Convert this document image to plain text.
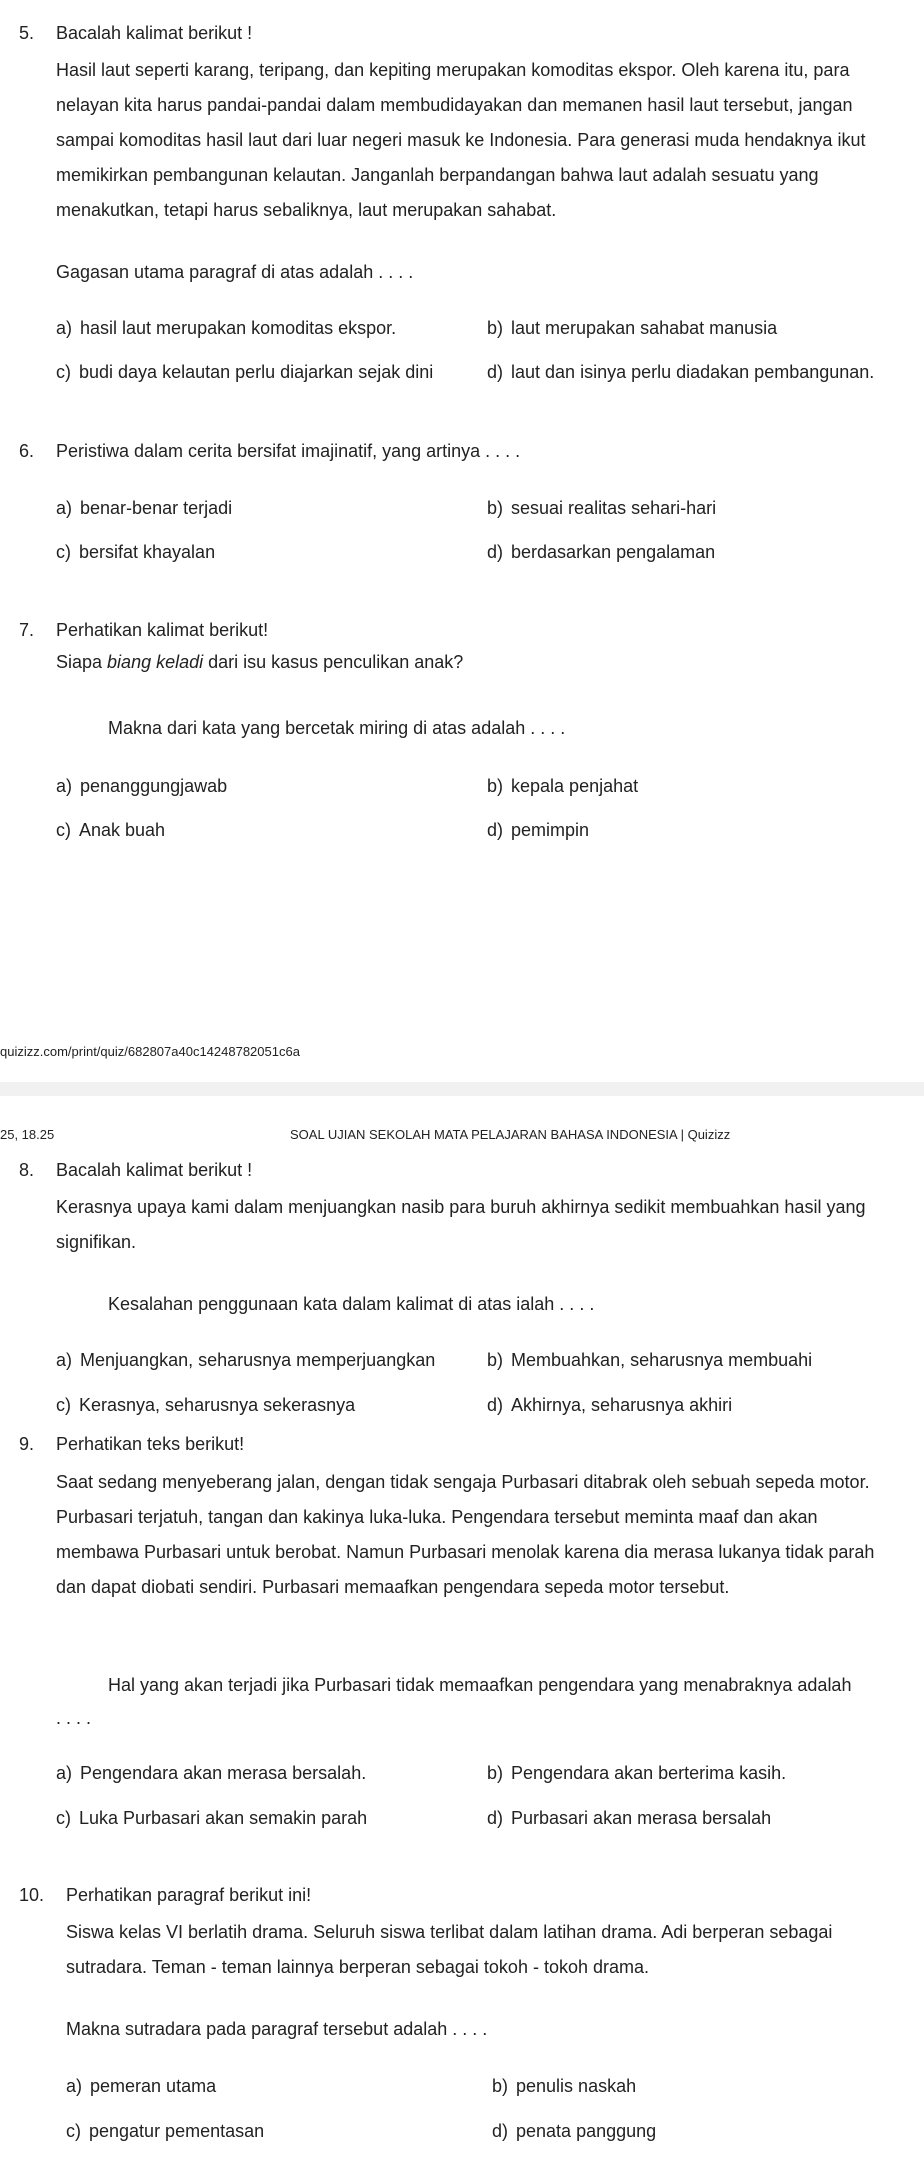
5. Bacalah kalimat berikut !
Hasil laut seperti karang, teripang, dan kepiting merupakan komoditas ekspor. Oleh karena itu, para nelayan kita harus pandai-pandai dalam membudidayakan dan memanen hasil laut tersebut, jangan sampai komoditas hasil laut dari luar negeri masuk ke Indonesia. Para generasi muda hendaknya ikut memikirkan pembangunan kelautan. Janganlah berpandangan bahwa laut adalah sesuatu yang menakutkan, tetapi harus sebaliknya, laut merupakan sahabat.
Gagasan utama paragraf di atas adalah . . . .
a) hasil laut merupakan komoditas ekspor.	b) laut merupakan sahabat manusia
c) budi daya kelautan perlu diajarkan sejak dini	d) laut dan isinya perlu diadakan pembangunan.
6. Peristiwa dalam cerita bersifat imajinatif, yang artinya . . . .
a) benar-benar terjadi	b) sesuai realitas sehari-hari
c) bersifat khayalan	d) berdasarkan pengalaman
7. Perhatikan kalimat berikut!
Siapa biang keladi dari isu kasus penculikan anak?
Makna dari kata yang bercetak miring di atas adalah . . . .
a) penanggungjawab	b) kepala penjahat
c) Anak buah	d) pemimpin
quizizz.com/print/quiz/682807a40c14248782051c6a
25, 18.25	SOAL UJIAN SEKOLAH MATA PELAJARAN BAHASA INDONESIA | Quizizz
8. Bacalah kalimat berikut !
Kerasnya upaya kami dalam menjuangkan nasib para buruh akhirnya sedikit membuahkan hasil yang signifikan.
Kesalahan penggunaan kata dalam kalimat di atas ialah . . . .
a) Menjuangkan, seharusnya memperjuangkan	b) Membuahkan, seharusnya membuahi
c) Kerasnya, seharusnya sekerasnya	d) Akhirnya, seharusnya akhiri
9. Perhatikan teks berikut!
Saat sedang menyeberang jalan, dengan tidak sengaja Purbasari ditabrak oleh sebuah sepeda motor. Purbasari terjatuh, tangan dan kakinya luka-luka. Pengendara tersebut meminta maaf dan akan membawa Purbasari untuk berobat. Namun Purbasari menolak karena dia merasa lukanya tidak parah dan dapat diobati sendiri. Purbasari memaafkan pengendara sepeda motor tersebut.
Hal yang akan terjadi jika Purbasari tidak memaafkan pengendara yang menabraknya adalah
. . . .
a) Pengendara akan merasa bersalah.	b) Pengendara akan berterima kasih.
c) Luka Purbasari akan semakin parah	d) Purbasari akan merasa bersalah
10. Perhatikan paragraf berikut ini!
Siswa kelas VI berlatih drama. Seluruh siswa terlibat dalam latihan drama. Adi berperan sebagai sutradara. Teman - teman lainnya berperan sebagai tokoh - tokoh drama.
Makna sutradara pada paragraf tersebut adalah . . . .
a) pemeran utama	b) penulis naskah
c) pengatur pementasan	d) penata panggung
